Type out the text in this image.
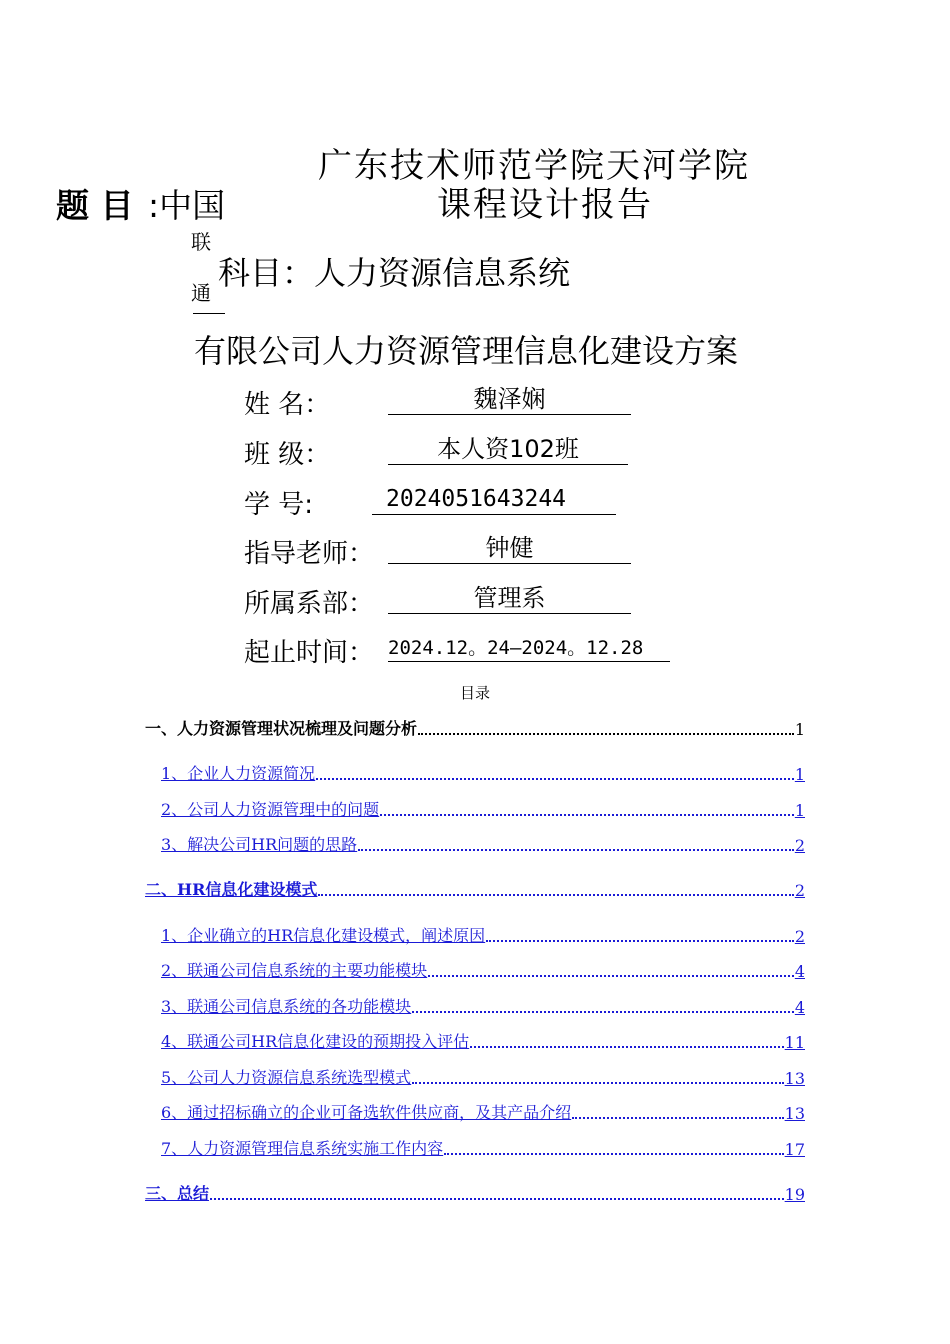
广东技术师范学院天河学院
课程设计报告
题 目 :中国
联
通
科目：人力资源信息系统
有限公司人力资源管理信息化建设方案
姓 名：	魏泽娴
班 级：	本人资102班
学 号:	2024051643244
指导老师：	钟健
所属系部：	管理系
起止时间： 2024.12。24—2024。12.28
目录
一、人力资源管理状况梳理及问题分析	1
1、企业人力资源简况	1
2、公司人力资源管理中的问题	1
3、解决公司HR问题的思路	2
二、HR信息化建设模式	2
1、企业确立的HR信息化建设模式，阐述原因	2
2、联通公司信息系统的主要功能模块	4
3、联通公司信息系统的各功能模块	4
4、联通公司HR信息化建设的预期投入评估	11
5、公司人力资源信息系统选型模式	13
6、通过招标确立的企业可备选软件供应商，及其产品介绍	13
7、人力资源管理信息系统实施工作内容	17
三、总结	19
